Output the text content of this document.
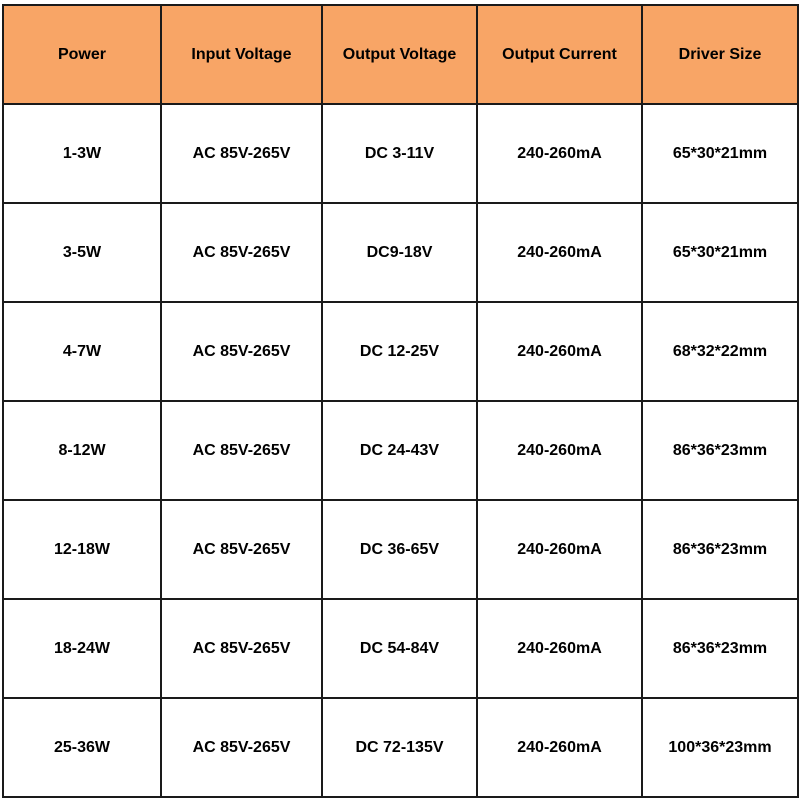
Power	Input Voltage	Output Voltage	Output Current	Driver Size
1-3W	AC 85V-265V	DC 3-11V	240-260mA	65*30*21mm
3-5W	AC 85V-265V	DC9-18V	240-260mA	65*30*21mm
4-7W	AC 85V-265V	DC 12-25V	240-260mA	68*32*22mm
8-12W	AC 85V-265V	DC 24-43V	240-260mA	86*36*23mm
12-18W	AC 85V-265V	DC 36-65V	240-260mA	86*36*23mm
18-24W	AC 85V-265V	DC 54-84V	240-260mA	86*36*23mm
25-36W	AC 85V-265V	DC 72-135V	240-260mA	100*36*23mm
